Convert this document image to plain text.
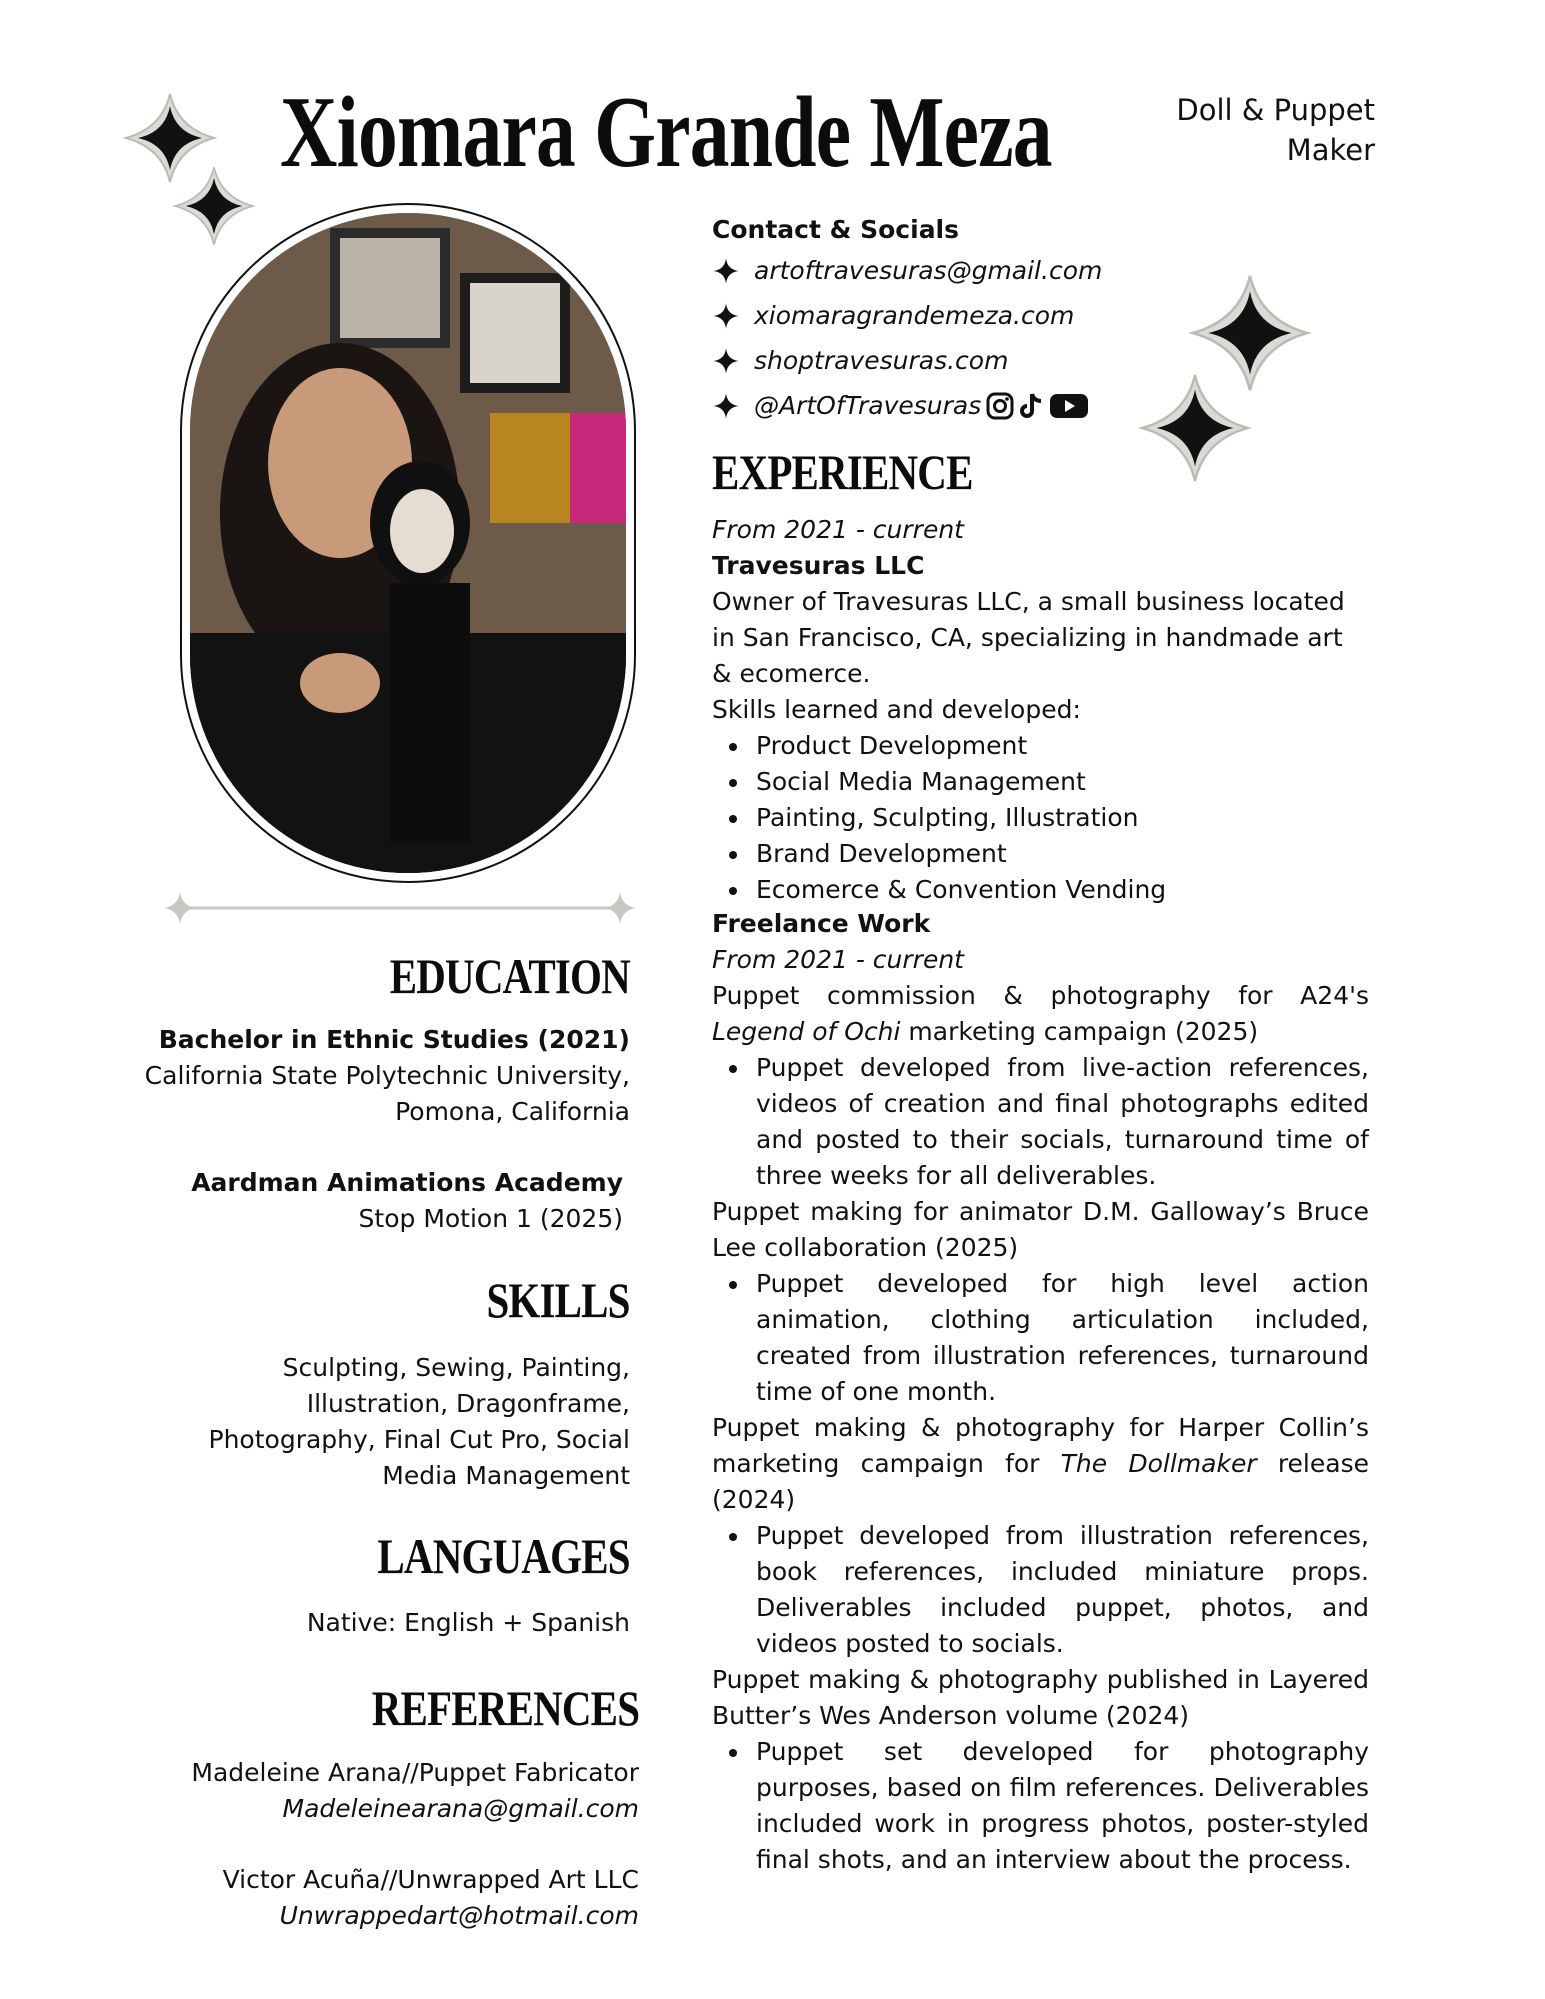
Xiomara Grande Meza	Doll & Puppet
Maker
EDUCATION
Bachelor in Ethnic Studies (2021)
California State Polytechnic University,
Pomona, California
Aardman Animations Academy
Stop Motion 1 (2025)
SKILLS
Sculpting, Sewing, Painting,
Illustration, Dragonframe,
Photography, Final Cut Pro, Social
Media Management
LANGUAGES
Native: English + Spanish
REFERENCES
Madeleine Arana//Puppet Fabricator
Madeleinearana@gmail.com
Victor Acuña//Unwrapped Art LLC
Unwrappedart@hotmail.com
Contact & Socials
artoftravesuras@gmail.com
xiomaragrandemeza.com
shoptravesuras.com
@ArtOfTravesuras
EXPERIENCE
From 2021 - current
Travesuras LLC
Owner of Travesuras LLC, a small business located in San Francisco, CA, specializing in handmade art & ecomerce.
Skills learned and developed:
Product Development
Social Media Management
Painting, Sculpting, Illustration
Brand Development
Ecomerce & Convention Vending
Freelance Work
From 2021 - current
Puppet commission & photography for A24's Legend of Ochi marketing campaign (2025)
Puppet developed from live-action references, videos of creation and final photographs edited and posted to their socials, turnaround time of three weeks for all deliverables.
Puppet making for animator D.M. Galloway’s Bruce Lee collaboration (2025)
Puppet developed for high level action animation, clothing articulation included, created from illustration references, turnaround time of one month.
Puppet making & photography for Harper Collin’s marketing campaign for The Dollmaker release (2024)
Puppet developed from illustration references, book references, included miniature props. Deliverables included puppet, photos, and videos posted to socials.
Puppet making & photography published in Layered Butter’s Wes Anderson volume (2024)
Puppet set developed for photography purposes, based on film references. Deliverables included work in progress photos, poster-styled final shots, and an interview about the process.
